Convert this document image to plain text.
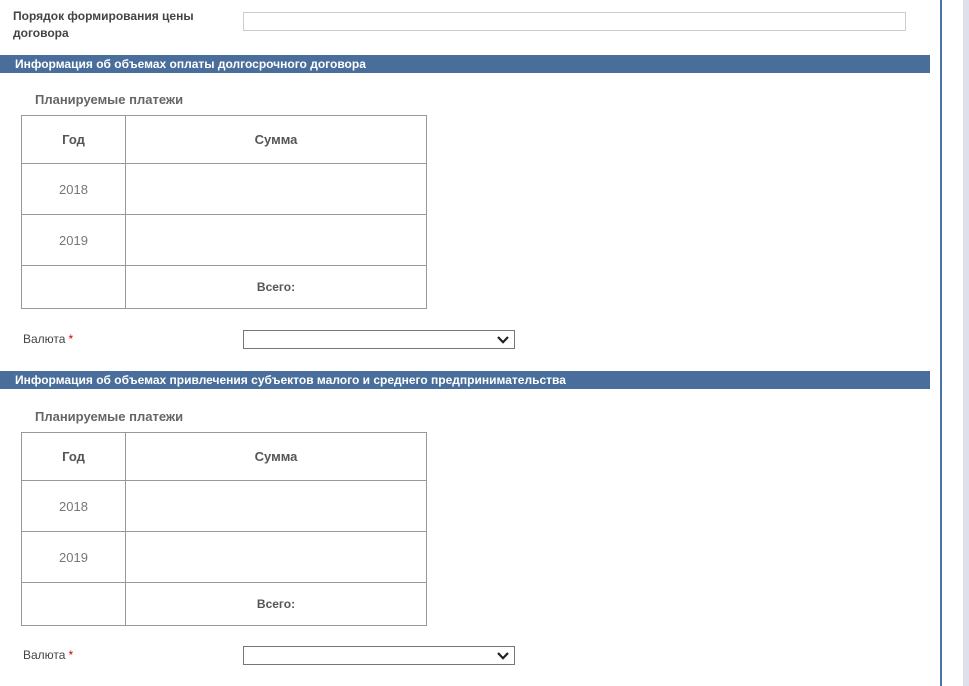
Порядок формирования цены договора
Информация об объемах оплаты долгосрочного договора
Планируемые платежи
Год	Сумма
2018	
2019	
	Всего:
Валюта *
Информация об объемах привлечения субъектов малого и среднего предпринимательства
Планируемые платежи
Год	Сумма
2018	
2019	
	Всего:
Валюта *
